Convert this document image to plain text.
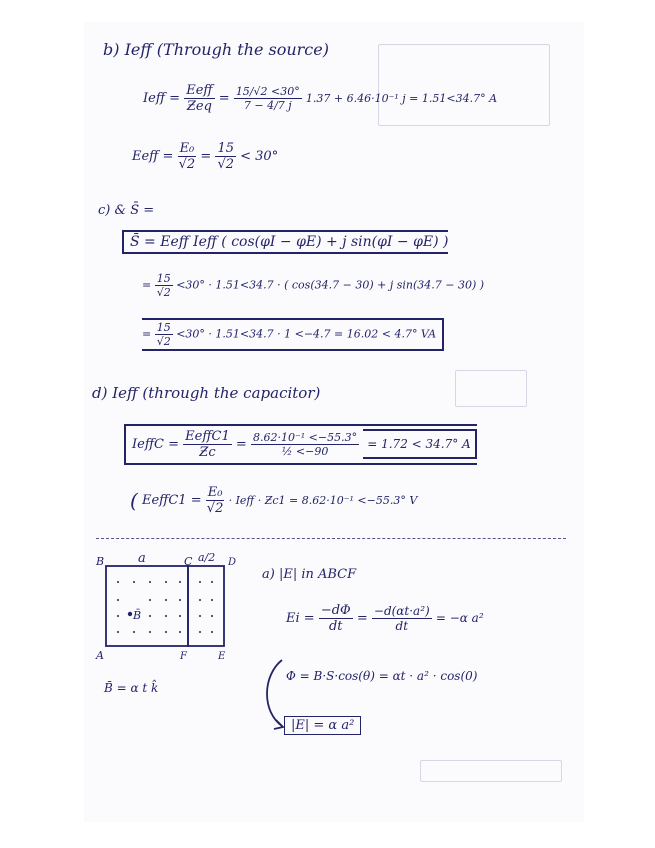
b) Ieff (Through the source)
Ieff = $\frac{\text{Εeff}}{\text{Ƶeq}} = \frac{15/√2 <30^\circ}{7 - 4/7 j} 1.37 + 6.46\cdot 10^{-1}$ j = 1.51<34.7° A
$Eeff = \frac{\text{Ε₀}}{√2} = \frac{15}{√2} < 30^\circ$
c) & S̄ =
S̄ = Εeff Ieff ( cos(φI − φE) + j sin(φI − φE) )
= $\frac{15}{√2} <30^\circ \cdot 1.51<34.7$ · ( cos(34.7 − 30) + j sin(34.7 − 30) )
= $\frac{15}{√2} <30^\circ \cdot 1.51<34.7 \cdot 1 <-4.7 = 16.02 < 4.7^\circ$ VA
d) Ieff (through the capacitor)
IeffC = $\frac{\text{ΕeffC1}}{Ƶc} = \frac{\text{8.62·10⁻¹ <−55.3°}}{\text{½ <−90}} = 1.72 < 34.7^\circ$ A
( ΕeffC1 = $\frac{\text{Ε₀}}{√2}$ · Ieff · Ƶc1 = 8.62·10⁻¹ <−55.3° V
B	a	C a/2 D
A	F	E
B̄
B̄ = α t k̂
a) |Ε| in ABCF
$Ei = \frac{-d\Phi}{dt} = \frac{\text{−d(αt·a²)}}{dt} = -\alpha$ a²
Φ = B·S·cos(θ) = αt · a² · cos(0)
|Ε| = α a²
